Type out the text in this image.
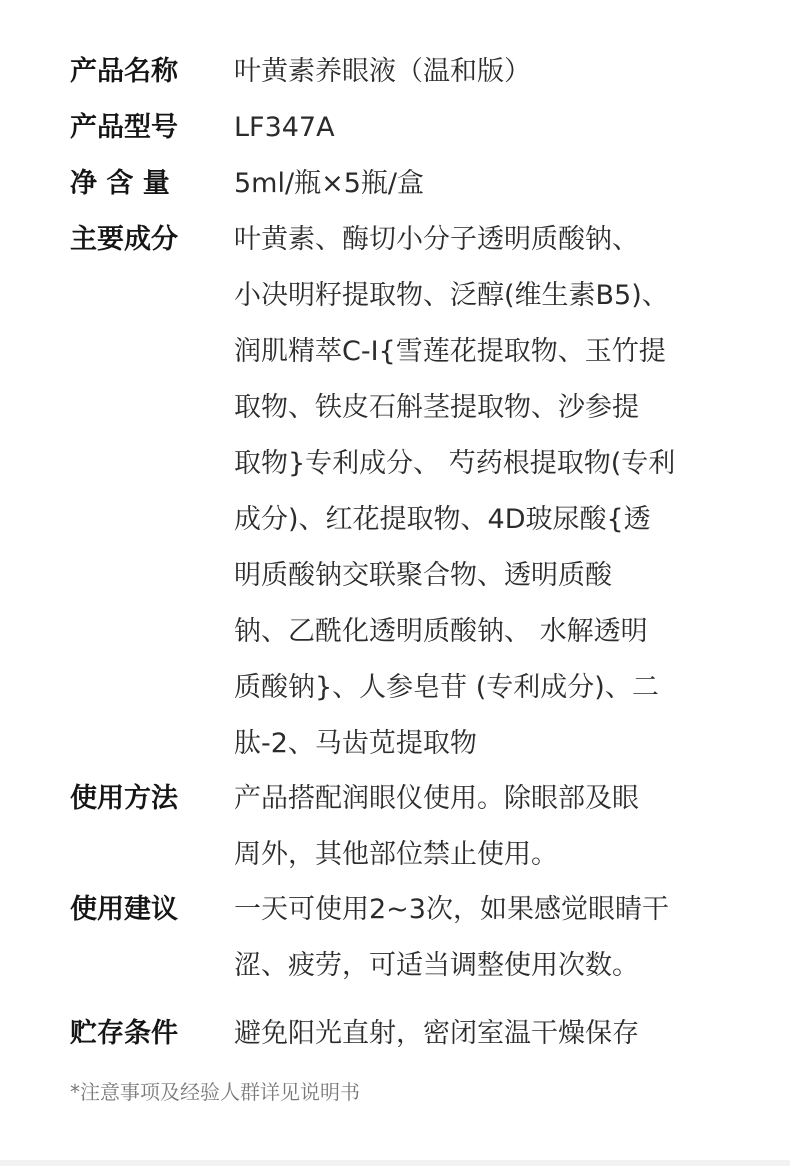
产品名称	叶黄素养眼液（温和版）
产品型号	LF347A
净 含 量	5ml/瓶×5瓶/盒
主要成分	叶黄素、酶切小分子透明质酸钠、
小决明籽提取物、泛醇(维生素B5)、
润肌精萃C-I{雪莲花提取物、玉竹提
取物、铁皮石斛茎提取物、沙参提
取物}专利成分、 芍药根提取物(专利
成分)、红花提取物、4D玻尿酸{透
明质酸钠交联聚合物、透明质酸
钠、乙酰化透明质酸钠、 水解透明
质酸钠}、人参皂苷 (专利成分)、二
肽-2、马齿苋提取物
使用方法	产品搭配润眼仪使用。除眼部及眼
周外，其他部位禁止使用。
使用建议	一天可使用2~3次，如果感觉眼睛干
涩、疲劳，可适当调整使用次数。
贮存条件	避免阳光直射，密闭室温干燥保存
*注意事项及经验人群详见说明书
